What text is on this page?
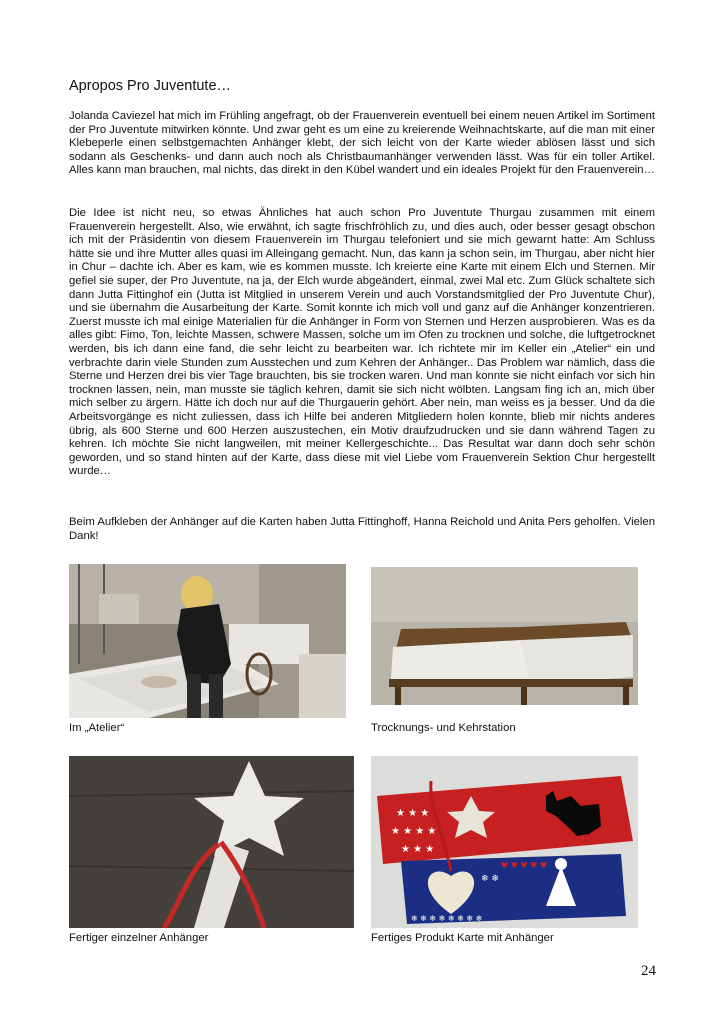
Apropos Pro Juventute…

Jolanda Caviezel hat mich im Frühling angefragt, ob der Frauenverein eventuell bei einem neuen Artikel im Sortiment der Pro Juventute mitwirken könnte. Und zwar geht es um eine zu kreierende Weihnachtskarte, auf die man mit einer Klebeperle einen selbstgemachten Anhänger klebt, der sich leicht von der Karte wieder ablösen lässt und sich sodann als Geschenks- und dann auch noch als Christbaumanhänger verwenden lässt. Was für ein toller Artikel. Alles kann man brauchen, mal nichts, das direkt in den Kübel wandert und ein ideales Projekt für den Frauenverein…

Die Idee ist nicht neu, so etwas Ähnliches hat auch schon Pro Juventute Thurgau zusammen mit einem Frauenverein hergestellt. Also, wie erwähnt, ich sagte frischfröhlich zu, und dies auch, oder besser gesagt obschon ich mit der Präsidentin von diesem Frauenverein im Thurgau telefoniert und sie mich gewarnt hatte: Am Schluss hätte sie und ihre Mutter alles quasi im Alleingang gemacht. Nun, das kann ja schon sein, im Thurgau, aber nicht hier in Chur – dachte ich. Aber es kam, wie es kommen musste. Ich kreierte eine Karte mit einem Elch und Sternen. Mir gefiel sie super, der Pro Juventute, na ja, der Elch wurde abgeändert, einmal, zwei Mal etc. Zum Glück schaltete sich dann Jutta Fittinghof ein (Jutta ist Mitglied in unserem Verein und auch Vorstandsmitglied der Pro Juventute Chur), und sie übernahm die Ausarbeitung der Karte. Somit konnte ich mich voll und ganz auf die Anhänger konzentrieren. Zuerst musste ich mal einige Materialien für die Anhänger in Form von Sternen und Herzen ausprobieren. Was es da alles gibt: Fimo, Ton, leichte Massen, schwere Massen, solche um im Ofen zu trocknen und solche, die luftgetrocknet werden, bis ich dann eine fand, die sehr leicht zu bearbeiten war. Ich richtete mir im Keller ein „Atelier“ ein und verbrachte darin viele Stunden zum Ausstechen und zum Kehren der Anhänger.. Das Problem war nämlich, dass die Sterne und Herzen drei bis vier Tage brauchten, bis sie trocken waren. Und man konnte sie nicht einfach vor sich hin trocknen lassen, nein, man musste sie täglich kehren, damit sie sich nicht wölbten. Langsam fing ich an, mich über mich selber zu ärgern. Hätte ich doch nur auf die Thurgauerin gehört. Aber nein, man weiss es ja besser. Und da die Arbeitsvorgänge es nicht zuliessen, dass ich Hilfe bei anderen Mitgliedern holen konnte, blieb mir nichts anderes übrig, als 600 Sterne und 600 Herzen auszustechen, ein Motiv draufzudrucken und sie dann während Tagen zu kehren. Ich möchte Sie nicht langweilen, mit meiner Kellergeschichte... Das Resultat war dann doch sehr schön geworden, und so stand hinten auf der Karte, dass diese mit viel Liebe vom Frauenverein Sektion Chur hergestellt wurde…

Beim Aufkleben der Anhänger auf die Karten haben Jutta Fittinghoff, Hanna Reichold und Anita Pers geholfen. Vielen Dank!

Im „Atelier“	Trocknungs- und Kehrstation
Fertiger einzelner Anhänger
★ ★ ★
★ ★ ★ ★
★ ★ ★
❄ ❄
❄ ❄ ❄ ❄ ❄ ❄ ❄ ❄
♥ ♥ ♥ ♥ ♥
Fertiges Produkt Karte mit Anhänger
24
